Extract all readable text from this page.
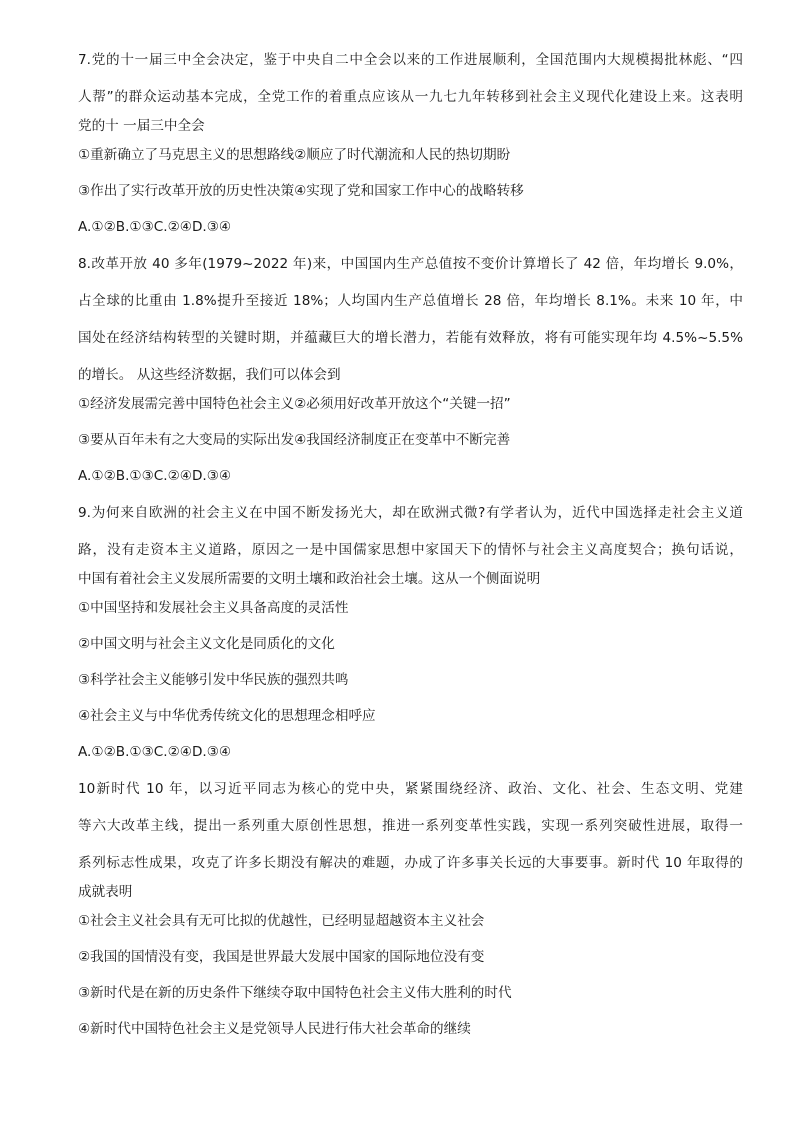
7.党的十一届三中全会决定，鉴于中央自二中全会以来的工作进展顺利，全国范围内大规模揭批林彪、“四
人帮”的群众运动基本完成，全党工作的着重点应该从一九七九年转移到社会主义现代化建设上来。这表明
党的十 一届三中全会
①重新确立了马克思主义的思想路线②顺应了时代潮流和人民的热切期盼
③作出了实行改革开放的历史性决策④实现了党和国家工作中心的战略转移
A.①②B.①③C.②④D.③④
8.改革开放 40 多年(1979~2022 年)来，中国国内生产总值按不变价计算增长了 42 倍，年均增长 9.0%，
占全球的比重由 1.8%提升至接近 18%；人均国内生产总值增长 28 倍，年均增长 8.1%。未来 10 年，中
国处在经济结构转型的关键时期，并蕴藏巨大的增长潜力，若能有效释放，将有可能实现年均 4.5%~5.5%
的增长。 从这些经济数据，我们可以体会到
①经济发展需完善中国特色社会主义②必须用好改革开放这个“关键一招”
③要从百年未有之大变局的实际出发④我国经济制度正在变革中不断完善
A.①②B.①③C.②④D.③④
9.为何来自欧洲的社会主义在中国不断发扬光大，却在欧洲式微?有学者认为，近代中国选择走社会主义道
路，没有走资本主义道路，原因之一是中国儒家思想中家国天下的情怀与社会主义高度契合；换句话说，
中国有着社会主义发展所需要的文明土壤和政治社会土壤。这从一个侧面说明
①中国坚持和发展社会主义具备高度的灵活性
②中国文明与社会主义文化是同质化的文化
③科学社会主义能够引发中华民族的强烈共鸣
④社会主义与中华优秀传统文化的思想理念相呼应
A.①②B.①③C.②④D.③④
10新时代 10 年，以习近平同志为核心的党中央，紧紧围绕经济、政治、文化、社会、生态文明、党建
等六大改革主线，提出一系列重大原创性思想，推进一系列变革性实践，实现一系列突破性进展，取得一
系列标志性成果，攻克了许多长期没有解决的难题，办成了许多事关长远的大事要事。新时代 10 年取得的
成就表明
①社会主义社会具有无可比拟的优越性，已经明显超越资本主义社会
②我国的国情没有变，我国是世界最大发展中国家的国际地位没有变
③新时代是在新的历史条件下继续夺取中国特色社会主义伟大胜利的时代
④新时代中国特色社会主义是党领导人民进行伟大社会革命的继续
